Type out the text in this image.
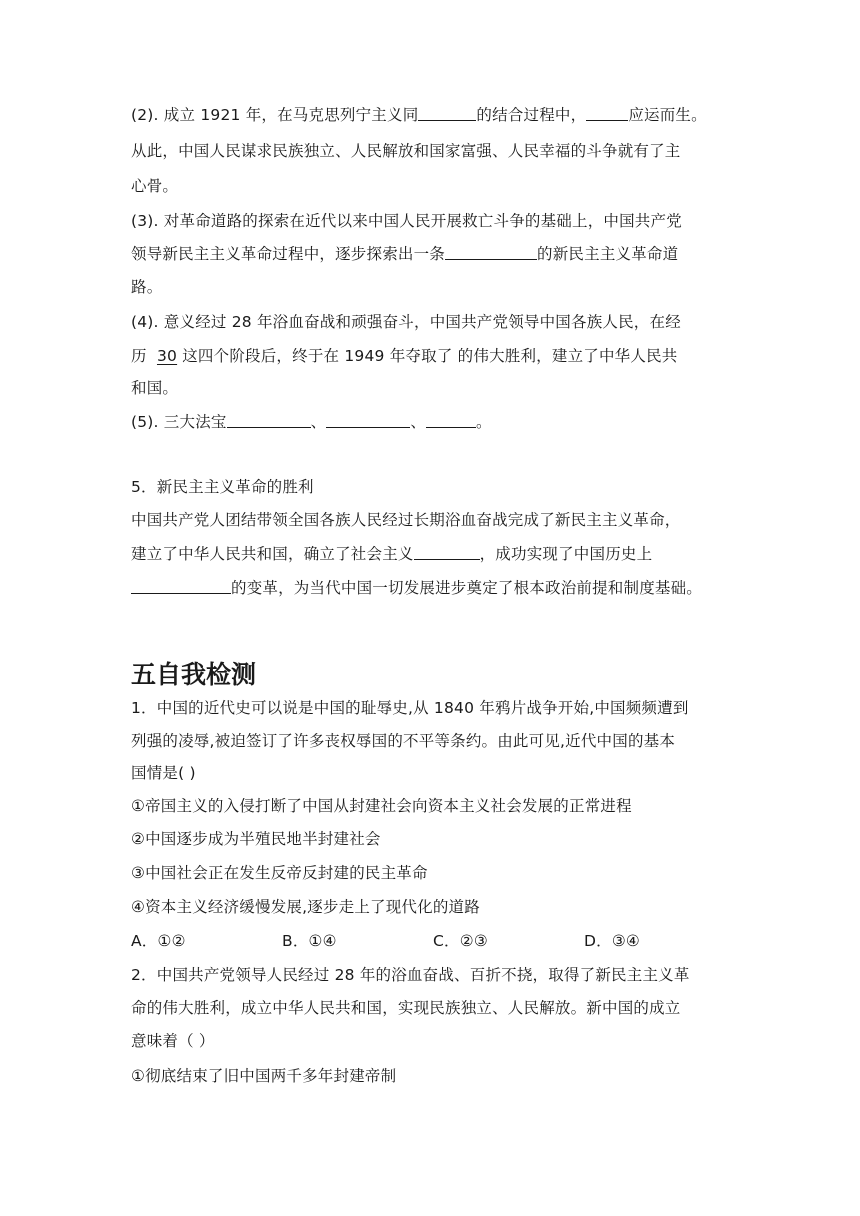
(2). 成立 1921 年，在马克思列宁主义同	的结合过程中，	应运而生。
从此，中国人民谋求民族独立、人民解放和国家富强、人民幸福的斗争就有了主
心骨。
(3). 对革命道路的探索在近代以来中国人民开展救亡斗争的基础上，中国共产党
领导新民主主义革命过程中，逐步探索出一条	的新民主主义革命道
路。
(4). 意义经过 28 年浴血奋战和顽强奋斗，中国共产党领导中国各族人民，在经
历 30 这四个阶段后，终于在 1949 年夺取了 的伟大胜利，建立了中华人民共
和国。
(5). 三大法宝	、	、	。
5．新民主主义革命的胜利
中国共产党人团结带领全国各族人民经过长期浴血奋战完成了新民主主义革命，
建立了中华人民共和国，确立了社会主义	，成功实现了中国历史上
的变革，为当代中国一切发展进步奠定了根本政治前提和制度基础。
五自我检测
1．中国的近代史可以说是中国的耻辱史,从 1840 年鸦片战争开始,中国频频遭到
列强的凌辱,被迫签订了许多丧权辱国的不平等条约。由此可见,近代中国的基本
国情是( )
①帝国主义的入侵打断了中国从封建社会向资本主义社会发展的正常进程
②中国逐步成为半殖民地半封建社会
③中国社会正在发生反帝反封建的民主革命
④资本主义经济缓慢发展,逐步走上了现代化的道路
A．①②	B．①④	C．②③	D．③④
2．中国共产党领导人民经过 28 年的浴血奋战、百折不挠，取得了新民主主义革
命的伟大胜利，成立中华人民共和国，实现民族独立、人民解放。新中国的成立
意味着（ ）
①彻底结束了旧中国两千多年封建帝制
